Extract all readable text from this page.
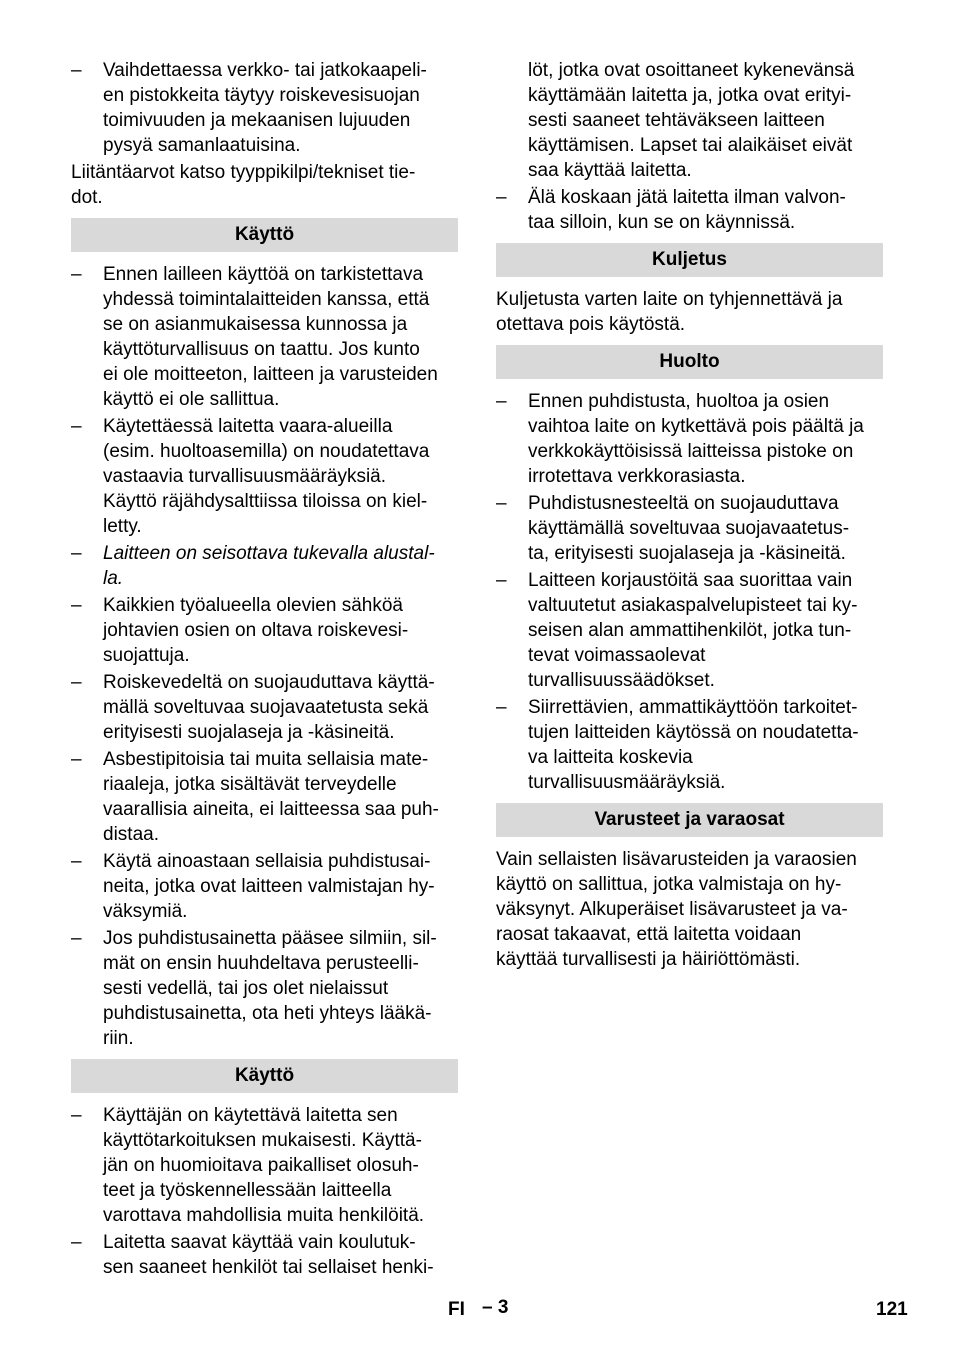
– Vaihdettaessa verkko- tai jatkokaapeli-
en pistokkeita täytyy roiskevesisuojan
toimivuuden ja mekaanisen lujuuden
pysyä samanlaatuisina.

Liitäntäarvot katso tyyppikilpi/tekniset tie-
dot.

Käyttö
– Ennen lailleen käyttöä on tarkistettava
yhdessä toimintalaitteiden kanssa, että
se on asianmukaisessa kunnossa ja
käyttöturvallisuus on taattu. Jos kunto
ei ole moitteeton, laitteen ja varusteiden
käyttö ei ole sallittua.
– Käytettäessä laitetta vaara-alueilla
(esim. huoltoasemilla) on noudatettava
vastaavia turvallisuusmääräyksiä.
Käyttö räjähdysalttiissa tiloissa on kiel-
letty.
– Laitteen on seisottava tukevalla alustal-
la.
– Kaikkien työalueella olevien sähköä
johtavien osien on oltava roiskevesi-
suojattuja.
– Roiskevedeltä on suojauduttava käyttä-
mällä soveltuvaa suojavaatetusta sekä
erityisesti suojalaseja ja -käsineitä.
– Asbestipitoisia tai muita sellaisia mate-
riaaleja, jotka sisältävät terveydelle
vaarallisia aineita, ei laitteessa saa puh-
distaa.
– Käytä ainoastaan sellaisia puhdistusai-
neita, jotka ovat laitteen valmistajan hy-
väksymiä.
– Jos puhdistusainetta pääsee silmiin, sil-
mät on ensin huuhdeltava perusteelli-
sesti vedellä, tai jos olet nielaissut
puhdistusainetta, ota heti yhteys lääkä-
riin.
Käyttö
– Käyttäjän on käytettävä laitetta sen
käyttötarkoituksen mukaisesti. Käyttä-
jän on huomioitava paikalliset olosuh-
teet ja työskennellessään laitteella
varottava mahdollisia muita henkilöitä.
– Laitetta saavat käyttää vain koulutuk-
sen saaneet henkilöt tai sellaiset henki-

löt, jotka ovat osoittaneet kykenevänsä
käyttämään laitetta ja, jotka ovat erityi-
sesti saaneet tehtäväkseen laitteen
käyttämisen. Lapset tai alaikäiset eivät
saa käyttää laitetta.

– Älä koskaan jätä laitetta ilman valvon-
taa silloin, kun se on käynnissä.
Kuljetus

Kuljetusta varten laite on tyhjennettävä ja
otettava pois käytöstä.

Huolto
– Ennen puhdistusta, huoltoa ja osien
vaihtoa laite on kytkettävä pois päältä ja
verkkokäyttöisissä laitteissa pistoke on
irrotettava verkkorasiasta.
– Puhdistusnesteeltä on suojauduttava
käyttämällä soveltuvaa suojavaatetus-
ta, erityisesti suojalaseja ja -käsineitä.
– Laitteen korjaustöitä saa suorittaa vain
valtuutetut asiakaspalvelupisteet tai ky-
seisen alan ammattihenkilöt, jotka tun-
tevat voimassaolevat
turvallisuussäädökset.
– Siirrettävien, ammattikäyttöön tarkoitet-
tujen laitteiden käytössä on noudatetta-
va laitteita koskevia
turvallisuusmääräyksiä.
Varusteet ja varaosat

Vain sellaisten lisävarusteiden ja varaosien
käyttö on sallittua, jotka valmistaja on hy-
väksynyt. Alkuperäiset lisävarusteet ja va-
raosat takaavat, että laitetta voidaan
käyttää turvallisesti ja häiriöttömästi.

FI – 3	121
